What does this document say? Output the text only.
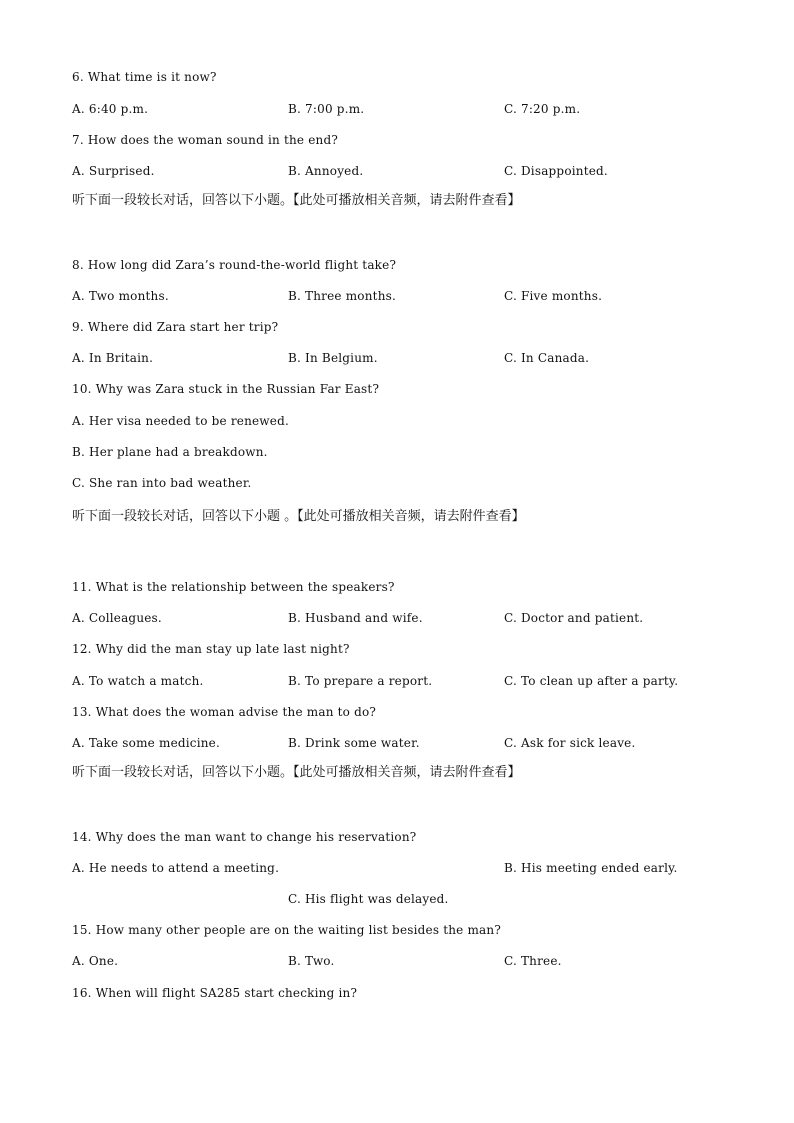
6. What time is it now?
A. 6:40 p.m.	B. 7:00 p.m.	C. 7:20 p.m.
7. How does the woman sound in the end?
A. Surprised.	B. Annoyed.	C. Disappointed.
听下面一段较长对话，回答以下小题。【此处可播放相关音频，请去附件查看】
8. How long did Zara’s round-the-world flight take?
A. Two months.	B. Three months.	C. Five months.
9. Where did Zara start her trip?
A. In Britain.	B. In Belgium.	C. In Canada.
10. Why was Zara stuck in the Russian Far East?
A. Her visa needed to be renewed.
B. Her plane had a breakdown.
C. She ran into bad weather.
听下面一段较长对话，回答以下小题 。【此处可播放相关音频，请去附件查看】
11. What is the relationship between the speakers?
A. Colleagues.	B. Husband and wife.	C. Doctor and patient.
12. Why did the man stay up late last night?
A. To watch a match.	B. To prepare a report.	C. To clean up after a party.
13. What does the woman advise the man to do?
A. Take some medicine.	B. Drink some water.	C. Ask for sick leave.
听下面一段较长对话，回答以下小题。【此处可播放相关音频，请去附件查看】
14. Why does the man want to change his reservation?
A. He needs to attend a meeting.	B. His meeting ended early.
C. His flight was delayed.
15. How many other people are on the waiting list besides the man?
A. One.	B. Two.	C. Three.
16. When will flight SA285 start checking in?
